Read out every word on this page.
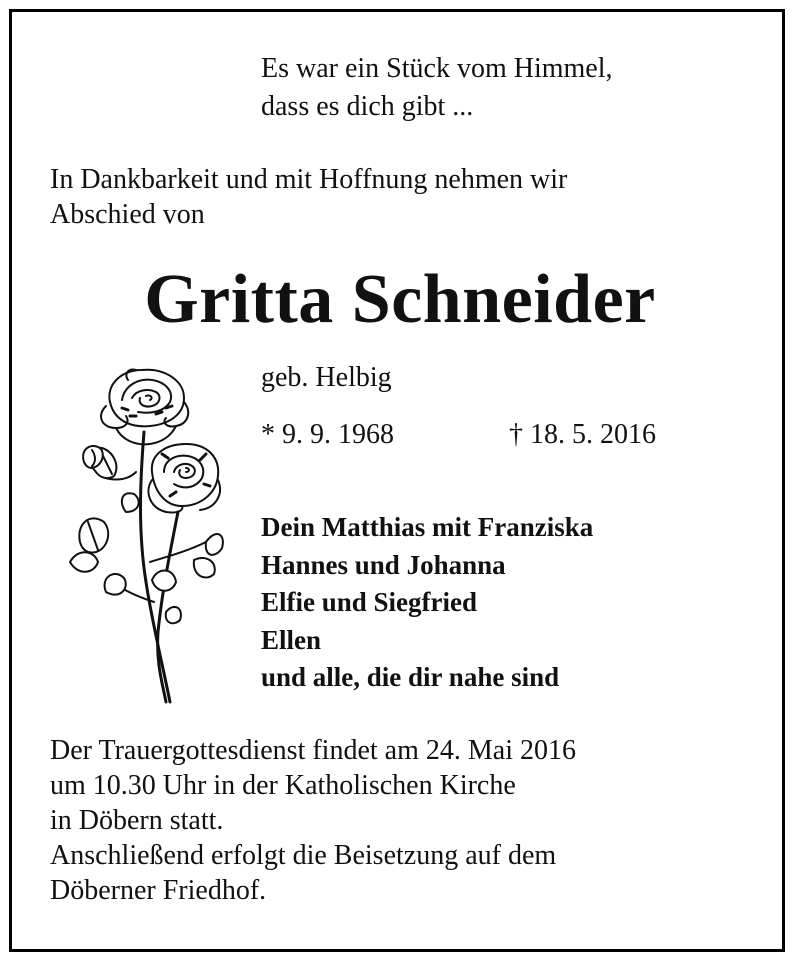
Es war ein Stück vom Himmel,
dass es dich gibt ...
In Dankbarkeit und mit Hoffnung nehmen wir
Abschied von
Gritta Schneider
geb. Helbig
* 9. 9. 1968	† 18. 5. 2016
Dein Matthias mit Franziska
Hannes und Johanna
Elfie und Siegfried
Ellen
und alle, die dir nahe sind
Der Trauergottesdienst findet am 24. Mai 2016
um 10.30 Uhr in der Katholischen Kirche
in Döbern statt.
Anschließend erfolgt die Beisetzung auf dem
Döberner Friedhof.
